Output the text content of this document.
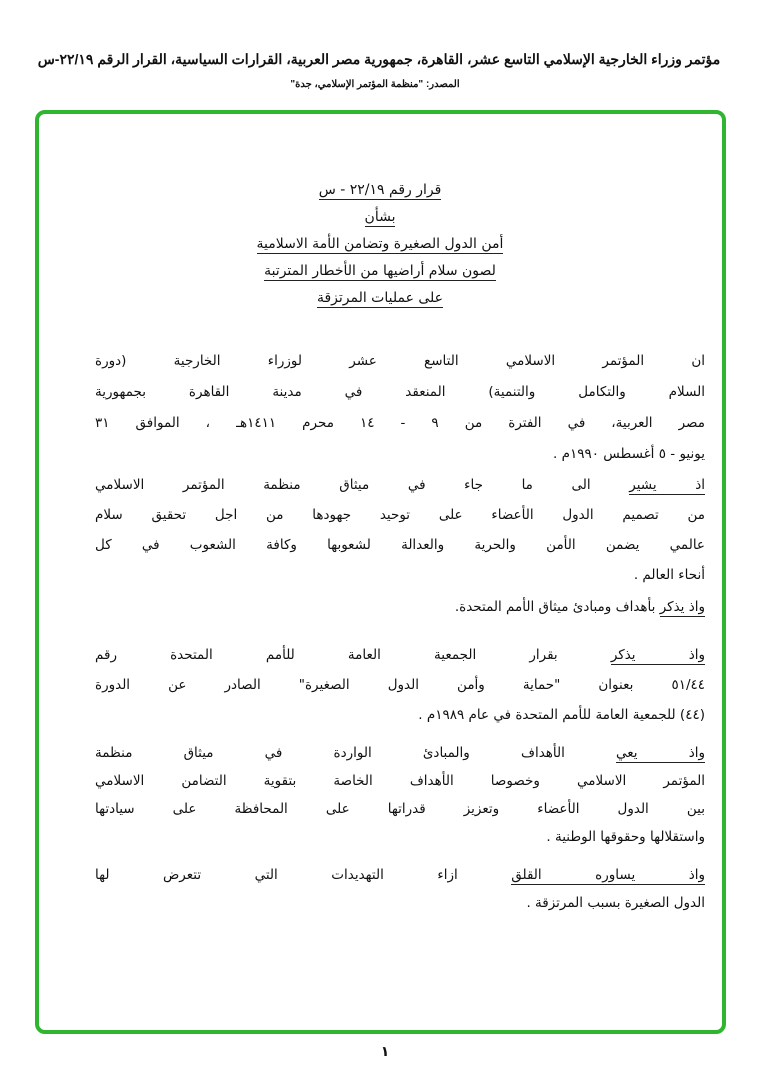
مؤتمر وزراء الخارجية الإسلامي التاسع عشر، القاهرة، جمهورية مصر العربية، القرارات السياسية، القرار الرقم ٢٢/١٩-س
المصدر: "منظمة المؤتمر الإسلامي، جدة"
قرار رقم ٢٢/١٩ - س
بشأن
أمن الدول الصغيرة وتضامن الأمة الاسلامية
لصون سلام أراضيها من الأخطار المترتبة
على عمليات المرتزقة
ان المؤتمر الاسلامي التاسع عشر لوزراء الخارجية (دورة
السلام والتكامل والتنمية) المنعقد في مدينة القاهرة بجمهورية
مصر العربية، في الفترة من ٩ - ١٤ محرم ١٤١١هـ ، الموافق ٣١
يونيو - ٥ أغسطس ١٩٩٠م .
اذ يشير الى ما جاء في ميثاق منظمة المؤتمر الاسلامي
من تصميم الدول الأعضاء على توحيد جهودها من اجل تحقيق سلام
عالمي يضمن الأمن والحرية والعدالة لشعوبها وكافة الشعوب في كل
أنحاء العالم .
واذ يذكر بأهداف ومبادئ ميثاق الأمم المتحدة.
واذ يذكر بقرار الجمعية العامة للأمم المتحدة رقم
٥١/٤٤ بعنوان "حماية وأمن الدول الصغيرة" الصادر عن الدورة
(٤٤) للجمعية العامة للأمم المتحدة في عام ١٩٨٩م .
واذ يعي الأهداف والمبادئ الواردة في ميثاق منظمة
المؤتمر الاسلامي وخصوصا الأهداف الخاصة بتقوية التضامن الاسلامي
بين الدول الأعضاء وتعزيز قدراتها على المحافظة على سيادتها
واستقلالها وحقوقها الوطنية .
واذ يساوره القلق ازاء التهديدات التي تتعرض لها
الدول الصغيرة بسبب المرتزقة .
١
